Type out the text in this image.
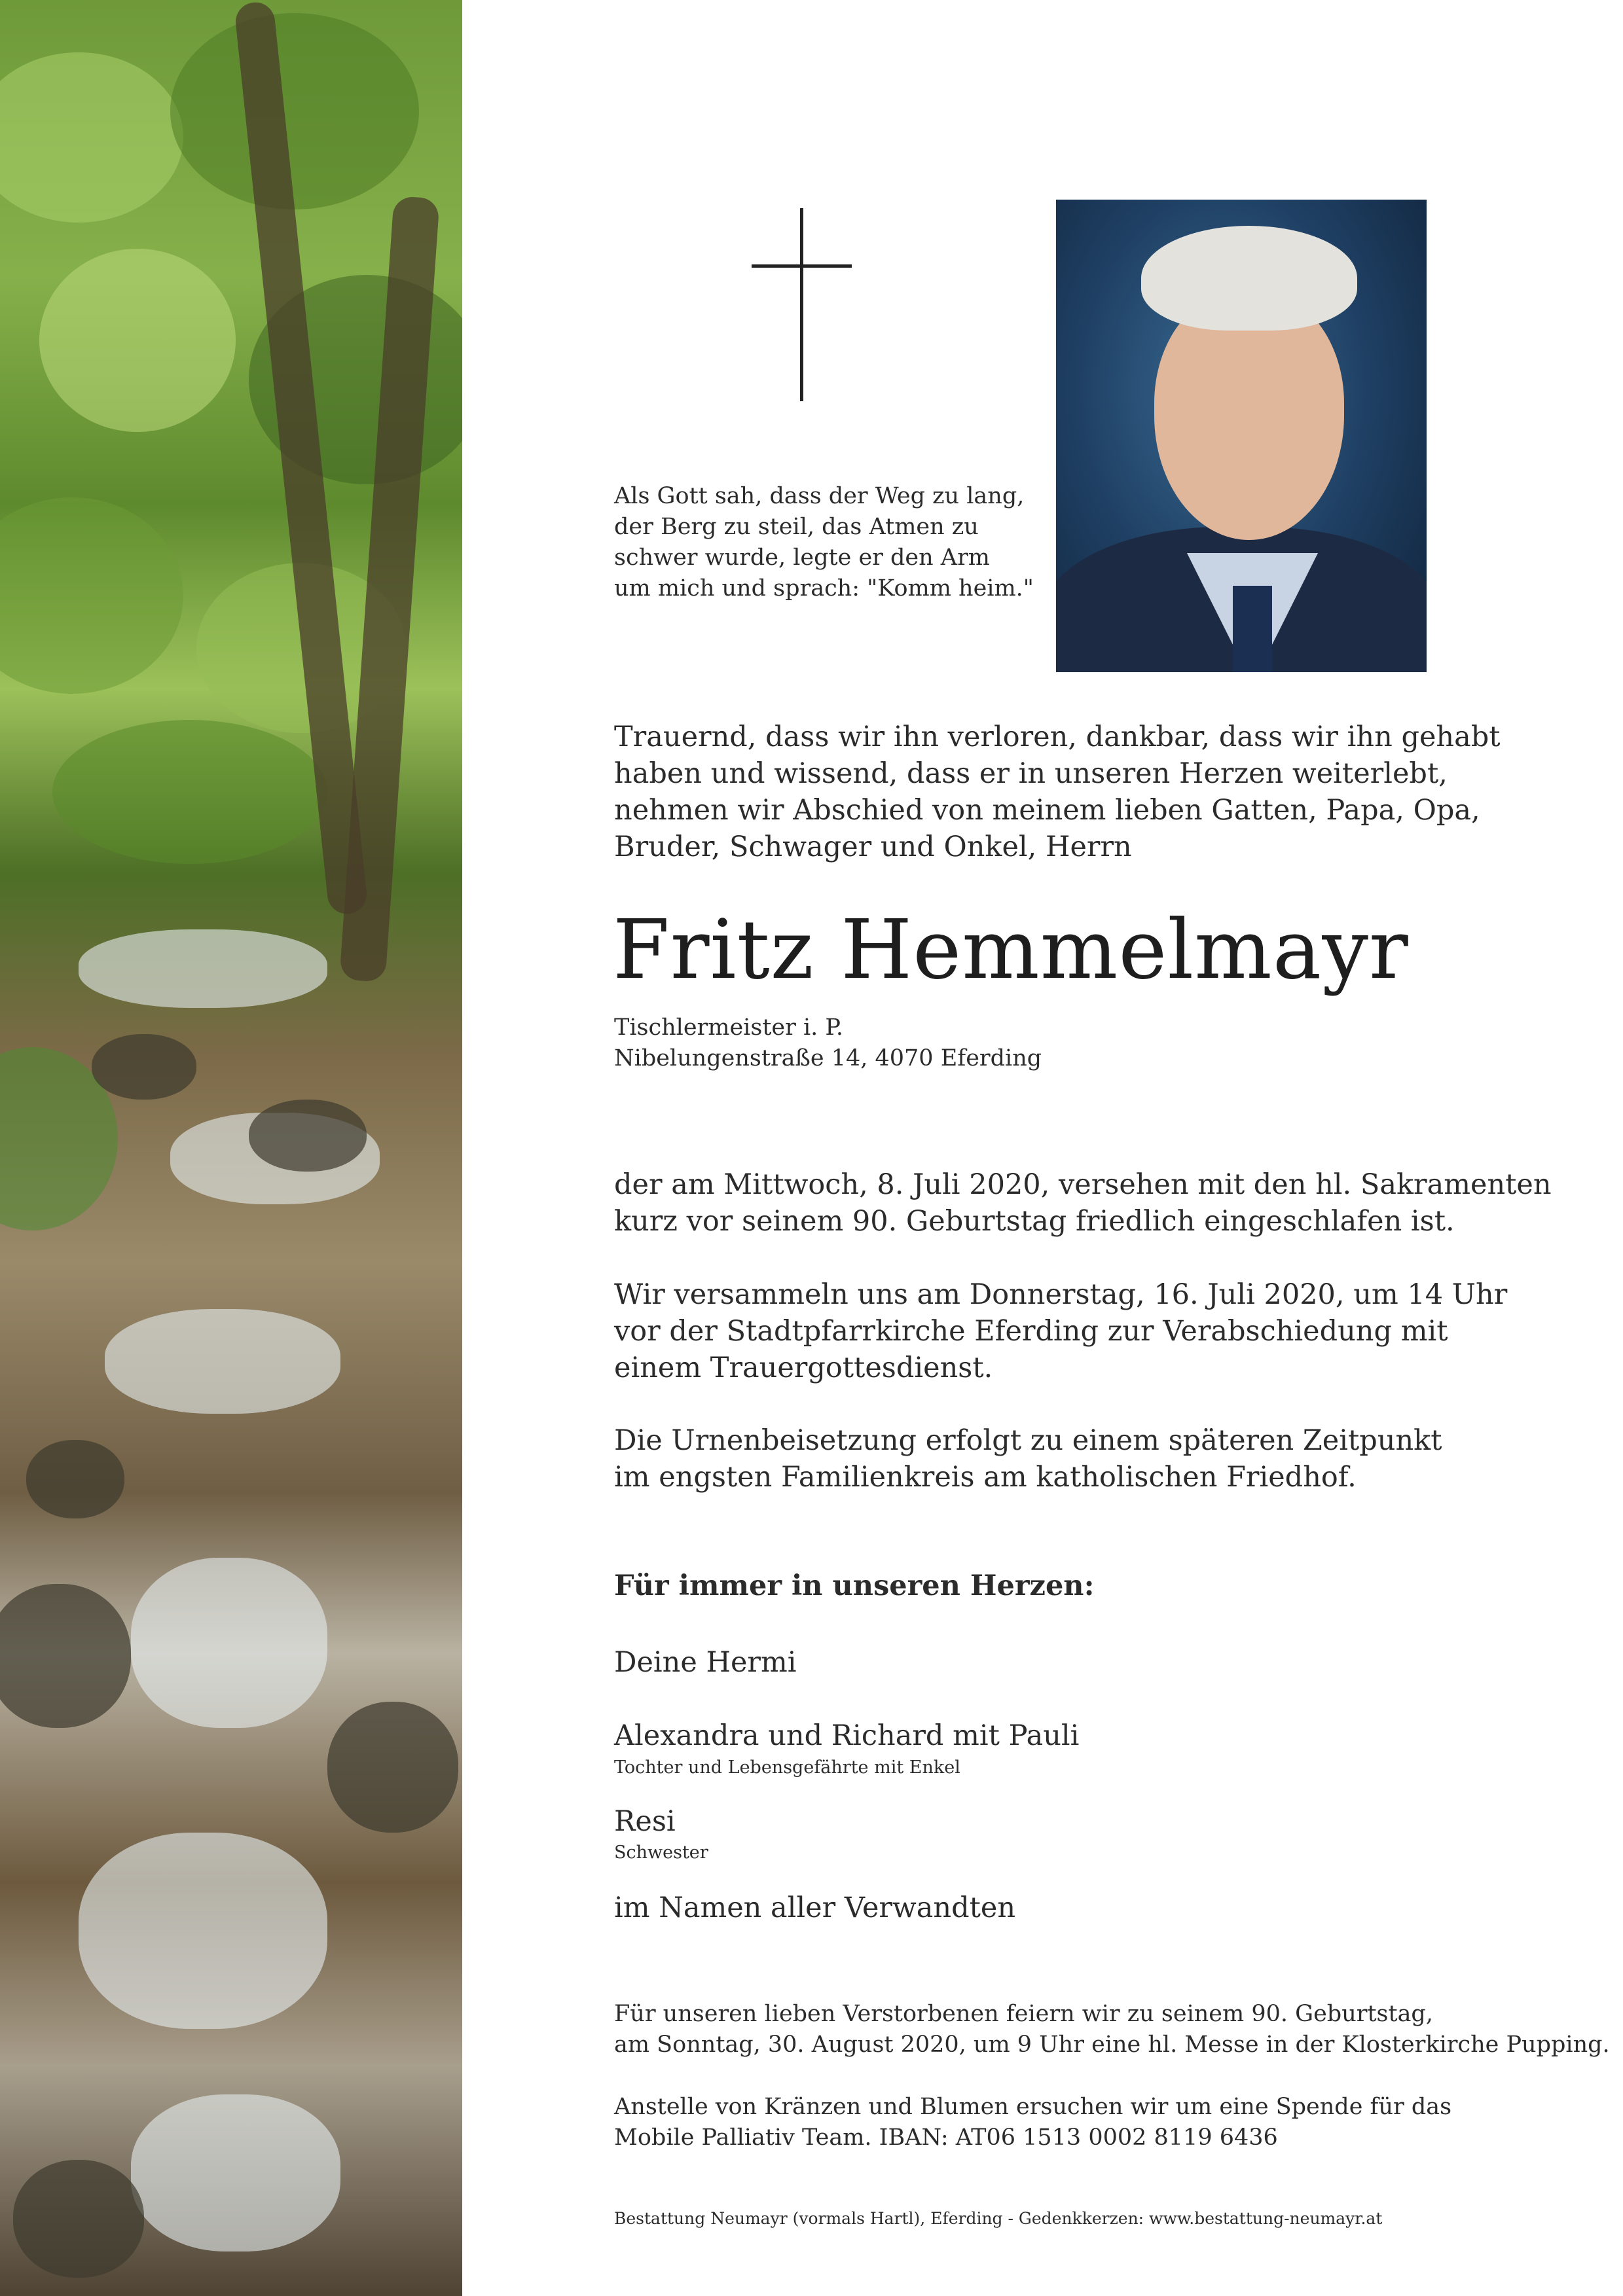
Als Gott sah, dass der Weg zu lang,
der Berg zu steil, das Atmen zu
schwer wurde, legte er den Arm
um mich und sprach: "Komm heim."
Trauernd, dass wir ihn verloren, dankbar, dass wir ihn gehabt
haben und wissend, dass er in unseren Herzen weiterlebt,
nehmen wir Abschied von meinem lieben Gatten, Papa, Opa,
Bruder, Schwager und Onkel, Herrn
Fritz Hemmelmayr
Tischlermeister i. P.
Nibelungenstraße 14, 4070 Eferding
der am Mittwoch, 8. Juli 2020, versehen mit den hl. Sakramenten
kurz vor seinem 90. Geburtstag friedlich eingeschlafen ist.
Wir versammeln uns am Donnerstag, 16. Juli 2020, um 14 Uhr
vor der Stadtpfarrkirche Eferding zur Verabschiedung mit
einem Trauergottesdienst.
Die Urnenbeisetzung erfolgt zu einem späteren Zeitpunkt
im engsten Familienkreis am katholischen Friedhof.
Für immer in unseren Herzen:
Deine Hermi
Alexandra und Richard mit Pauli
Tochter und Lebensgefährte mit Enkel
Resi
Schwester
im Namen aller Verwandten
Für unseren lieben Verstorbenen feiern wir zu seinem 90. Geburtstag,
am Sonntag, 30. August 2020, um 9 Uhr eine hl. Messe in der Klosterkirche Pupping.
Anstelle von Kränzen und Blumen ersuchen wir um eine Spende für das
Mobile Palliativ Team. IBAN: AT06 1513 0002 8119 6436
Bestattung Neumayr (vormals Hartl), Eferding - Gedenkkerzen: www.bestattung-neumayr.at
